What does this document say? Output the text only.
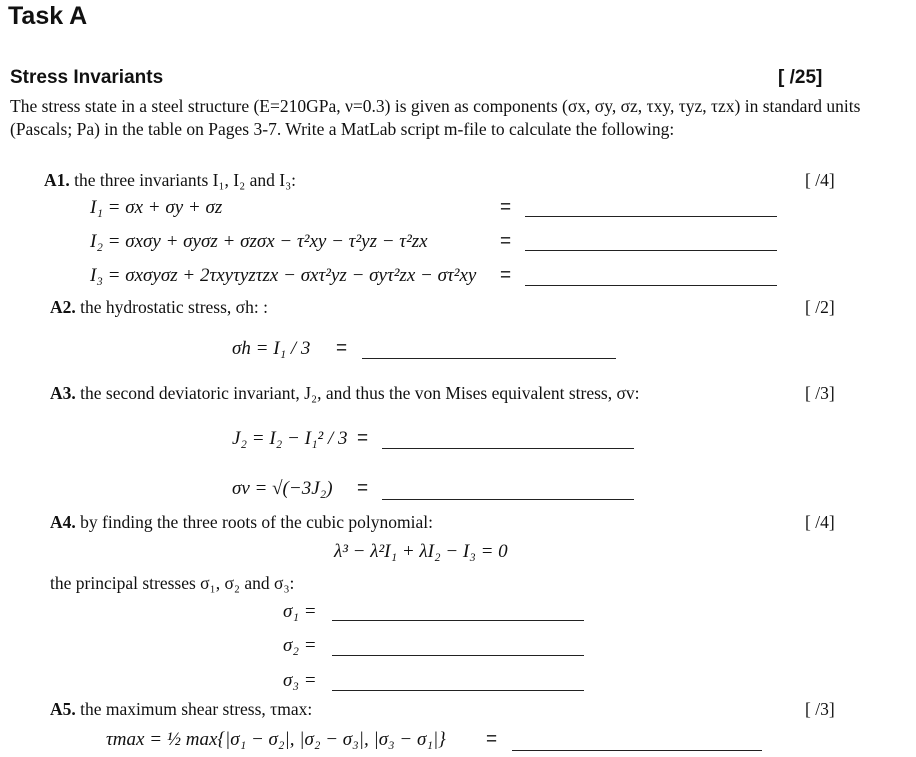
Task A
Stress Invariants	[ /25]
The stress state in a steel structure (E=210GPa, ν=0.3) is given as components (σx, σy, σz, τxy, τyz, τzx) in standard units (Pascals; Pa) in the table on Pages 3-7. Write a MatLab script m-file to calculate the following:
A1. the three invariants I₁, I₂ and I₃:	[ /4]
I₁ = σx + σy + σz	=
I₂ = σxσy + σyσz + σzσx − τ²xy − τ²yz − τ²zx	=
I₃ = σxσyσz + 2τxyτyzτzx − σxτ²yz − σyτ²zx − στ²xy =
A2. the hydrostatic stress, σh: :	[ /2]
σh = I₁ / 3 =
A3. the second deviatoric invariant, J₂, and thus the von Mises equivalent stress, σv:	[ /3]
J₂ = I₂ − I₁² / 3 =
σv = √(−3J₂) =
A4. by finding the three roots of the cubic polynomial:	[ /4]
λ³ − λ²I₁ + λI₂ − I₃ = 0
the principal stresses σ₁, σ₂ and σ₃:
σ₁ =
σ₂ =
σ₃ =
A5. the maximum shear stress, τmax:	[ /3]
τmax = ½ max{|σ₁ − σ₂|, |σ₂ − σ₃|, |σ₃ − σ₁|} =
